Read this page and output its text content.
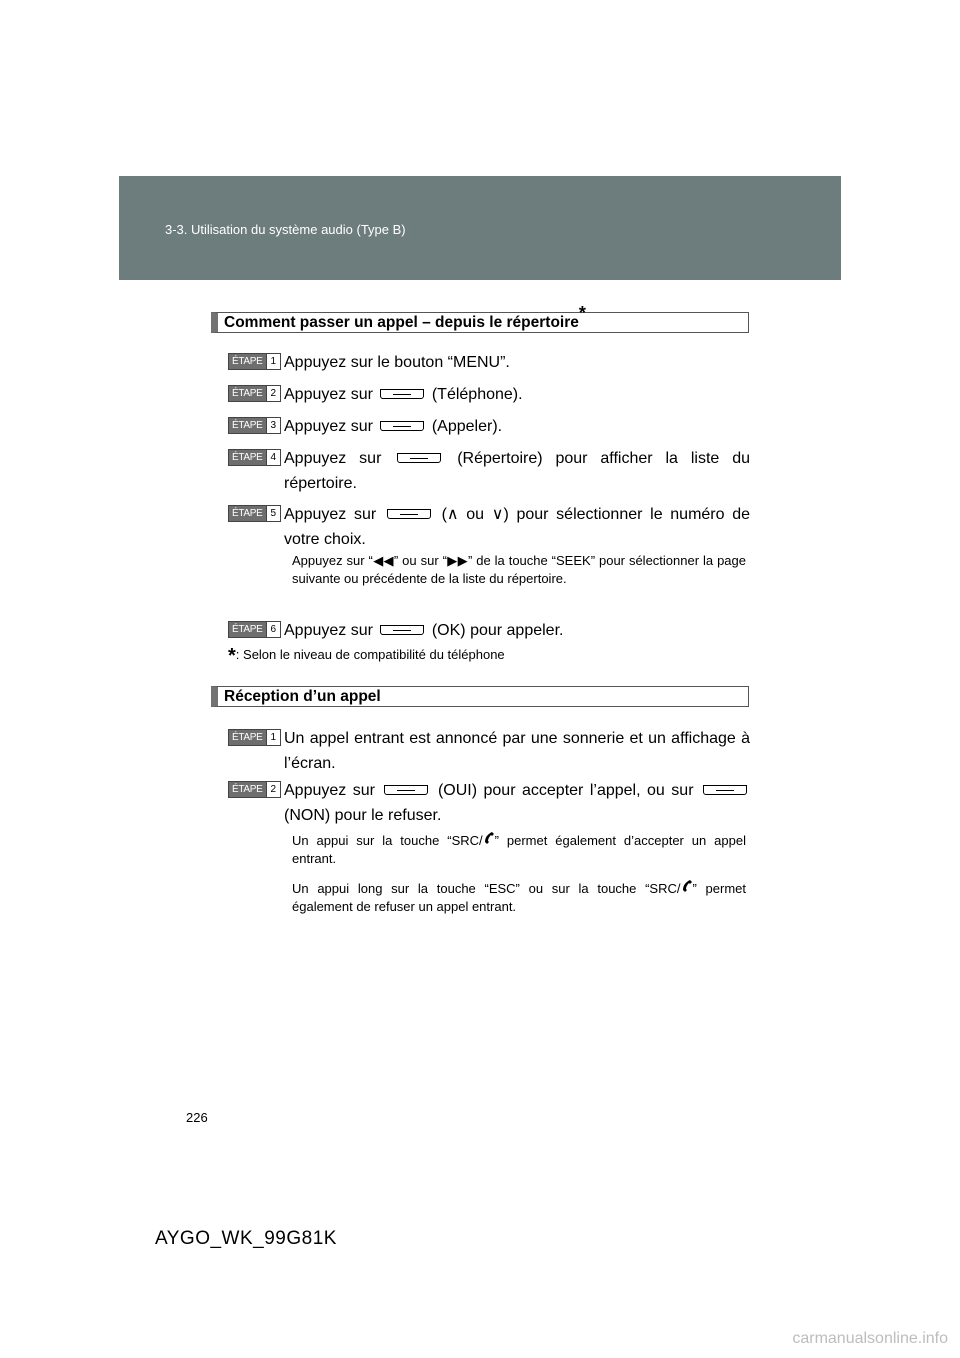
3-3. Utilisation du système audio (Type B)
Comment passer un appel – depuis le répertoire*
ÉTAPE 1 Appuyez sur le bouton “MENU”.
ÉTAPE 2 Appuyez sur	(Téléphone).
ÉTAPE 3 Appuyez sur	(Appeler).
ÉTAPE 4 Appuyez sur	(Répertoire) pour afficher la liste du répertoire.
ÉTAPE 5 Appuyez sur	(∧ ou ∨) pour sélectionner le numéro de votre choix.
Appuyez sur “◀◀” ou sur “▶▶” de la touche “SEEK” pour sélectionner la page suivante ou précédente de la liste du répertoire.
ÉTAPE 6 Appuyez sur	(OK) pour appeler.
*: Selon le niveau de compatibilité du téléphone
Réception d’un appel
ÉTAPE 1 Un appel entrant est annoncé par une sonnerie et un affichage à l’écran.
ÉTAPE 2 Appuyez sur	(OUI) pour accepter l’appel, ou sur  (NON) pour le refuser.
Un appui sur la touche “SRC/ ” permet également d’accepter un appel entrant.
Un appui long sur la touche “ESC” ou sur la touche “SRC/ ” permet également de refuser un appel entrant.
226
AYGO_WK_99G81K
carmanualsonline.info
